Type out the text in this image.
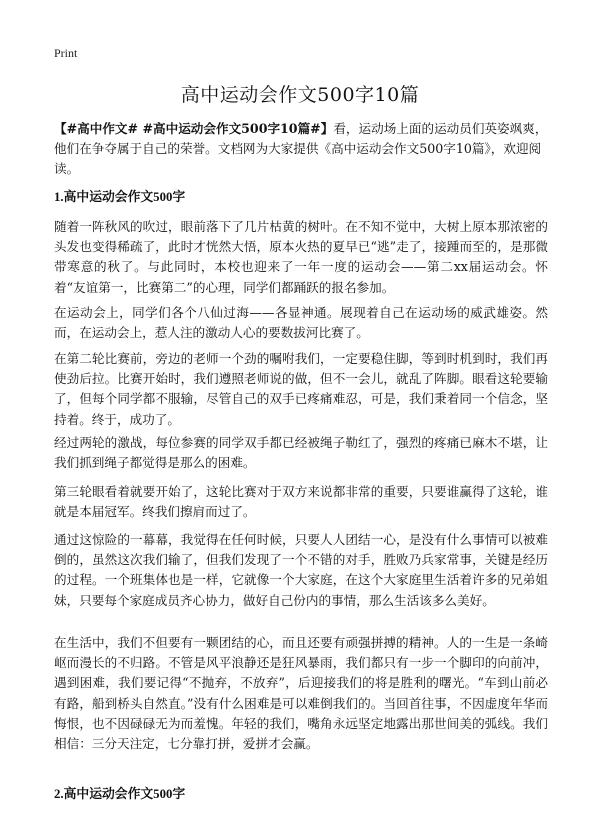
Print
高中运动会作文500字10篇

【#高中作文# #高中运动会作文500字10篇#】看，运动场上面的运动员们英姿飒爽，他们在争夺属于自己的荣誉。文档网为大家提供《高中运动会作文500字10篇》，欢迎阅读。

1.高中运动会作文500字

随着一阵秋风的吹过，眼前落下了几片枯黄的树叶。在不知不觉中，大树上原本那浓密的头发也变得稀疏了，此时才恍然大悟，原本火热的夏早已“逃”走了，接踵而至的，是那微带寒意的秋了。与此同时，本校也迎来了一年一度的运动会——第二xx届运动会。怀着“友谊第一，比赛第二”的心理，同学们都踊跃的报名参加。

在运动会上，同学们各个八仙过海——各显神通。展现着自己在运动场的威武雄姿。然而，在运动会上，惹人注的激动人心的要数拔河比赛了。

在第二轮比赛前，旁边的老师一个劲的嘱咐我们，一定要稳住脚，等到时机到时，我们再使劲后拉。比赛开始时，我们遵照老师说的做，但不一会儿，就乱了阵脚。眼看这轮要输了，但每个同学都不服输，尽管自己的双手已疼痛难忍，可是，我们秉着同一个信念，坚持着。终于，成功了。

经过两轮的激战，每位参赛的同学双手都已经被绳子勒红了，强烈的疼痛已麻木不堪，让我们抓到绳子都觉得是那么的困难。

第三轮眼看着就要开始了，这轮比赛对于双方来说都非常的重要，只要谁赢得了这轮，谁就是本届冠军。终我们擦肩而过了。

通过这惊险的一幕幕，我觉得在任何时候，只要人人团结一心，是没有什么事情可以被难倒的，虽然这次我们输了，但我们发现了一个不错的对手，胜败乃兵家常事，关键是经历的过程。一个班集体也是一样，它就像一个大家庭，在这个大家庭里生活着许多的兄弟姐妹，只要每个家庭成员齐心协力，做好自己份内的事情，那么生活该多么美好。

在生活中，我们不但要有一颗团结的心，而且还要有顽强拼搏的精神。人的一生是一条崎岖而漫长的不归路。不管是风平浪静还是狂风暴雨，我们都只有一步一个脚印的向前冲，遇到困难，我们要记得“不抛弃，不放弃”，后迎接我们的将是胜利的曙光。“车到山前必有路，船到桥头自然直。”没有什么困难是可以难倒我们的。当回首往事，不因虚度年华而悔恨，也不因碌碌无为而羞愧。年轻的我们，嘴角永远坚定地露出那世间美的弧线。我们相信：三分天注定，七分靠打拼，爱拼才会赢。

2.高中运动会作文500字
